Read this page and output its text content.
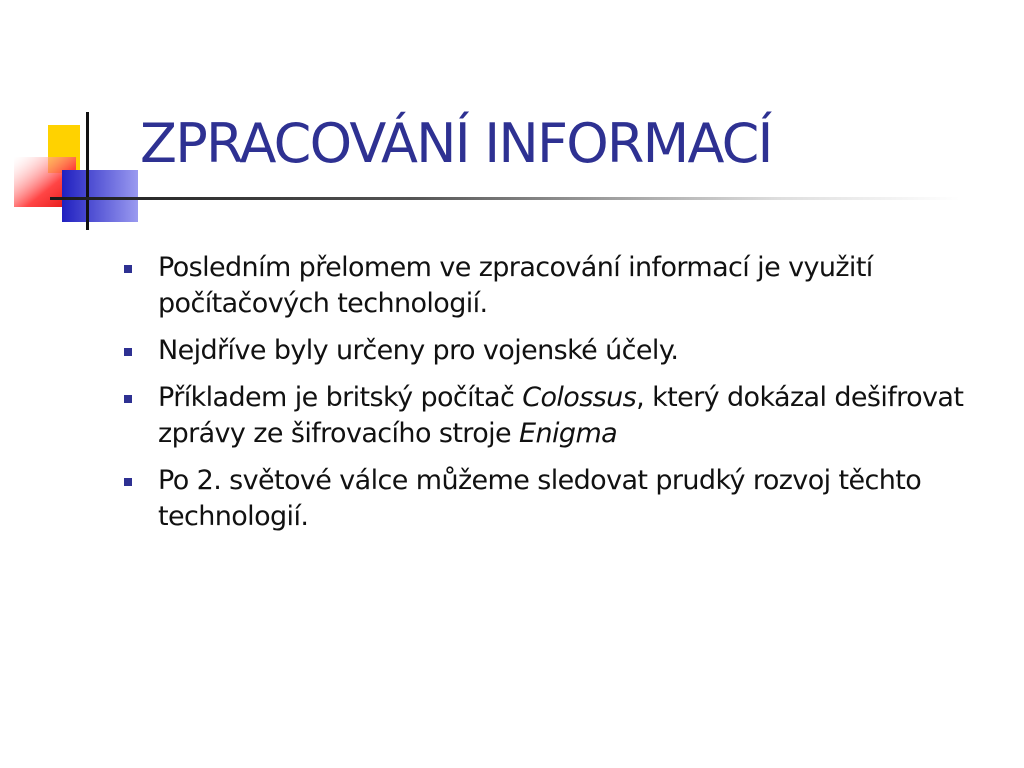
ZPRACOVÁNÍ INFORMACÍ
Posledním přelomem ve zpracování informací je využití počítačových technologií.
Nejdříve byly určeny pro vojenské účely.
Příkladem je britský počítač Colossus, který dokázal dešifrovat zprávy ze šifrovacího stroje Enigma
Po 2. světové válce můžeme sledovat prudký rozvoj těchto technologií.
